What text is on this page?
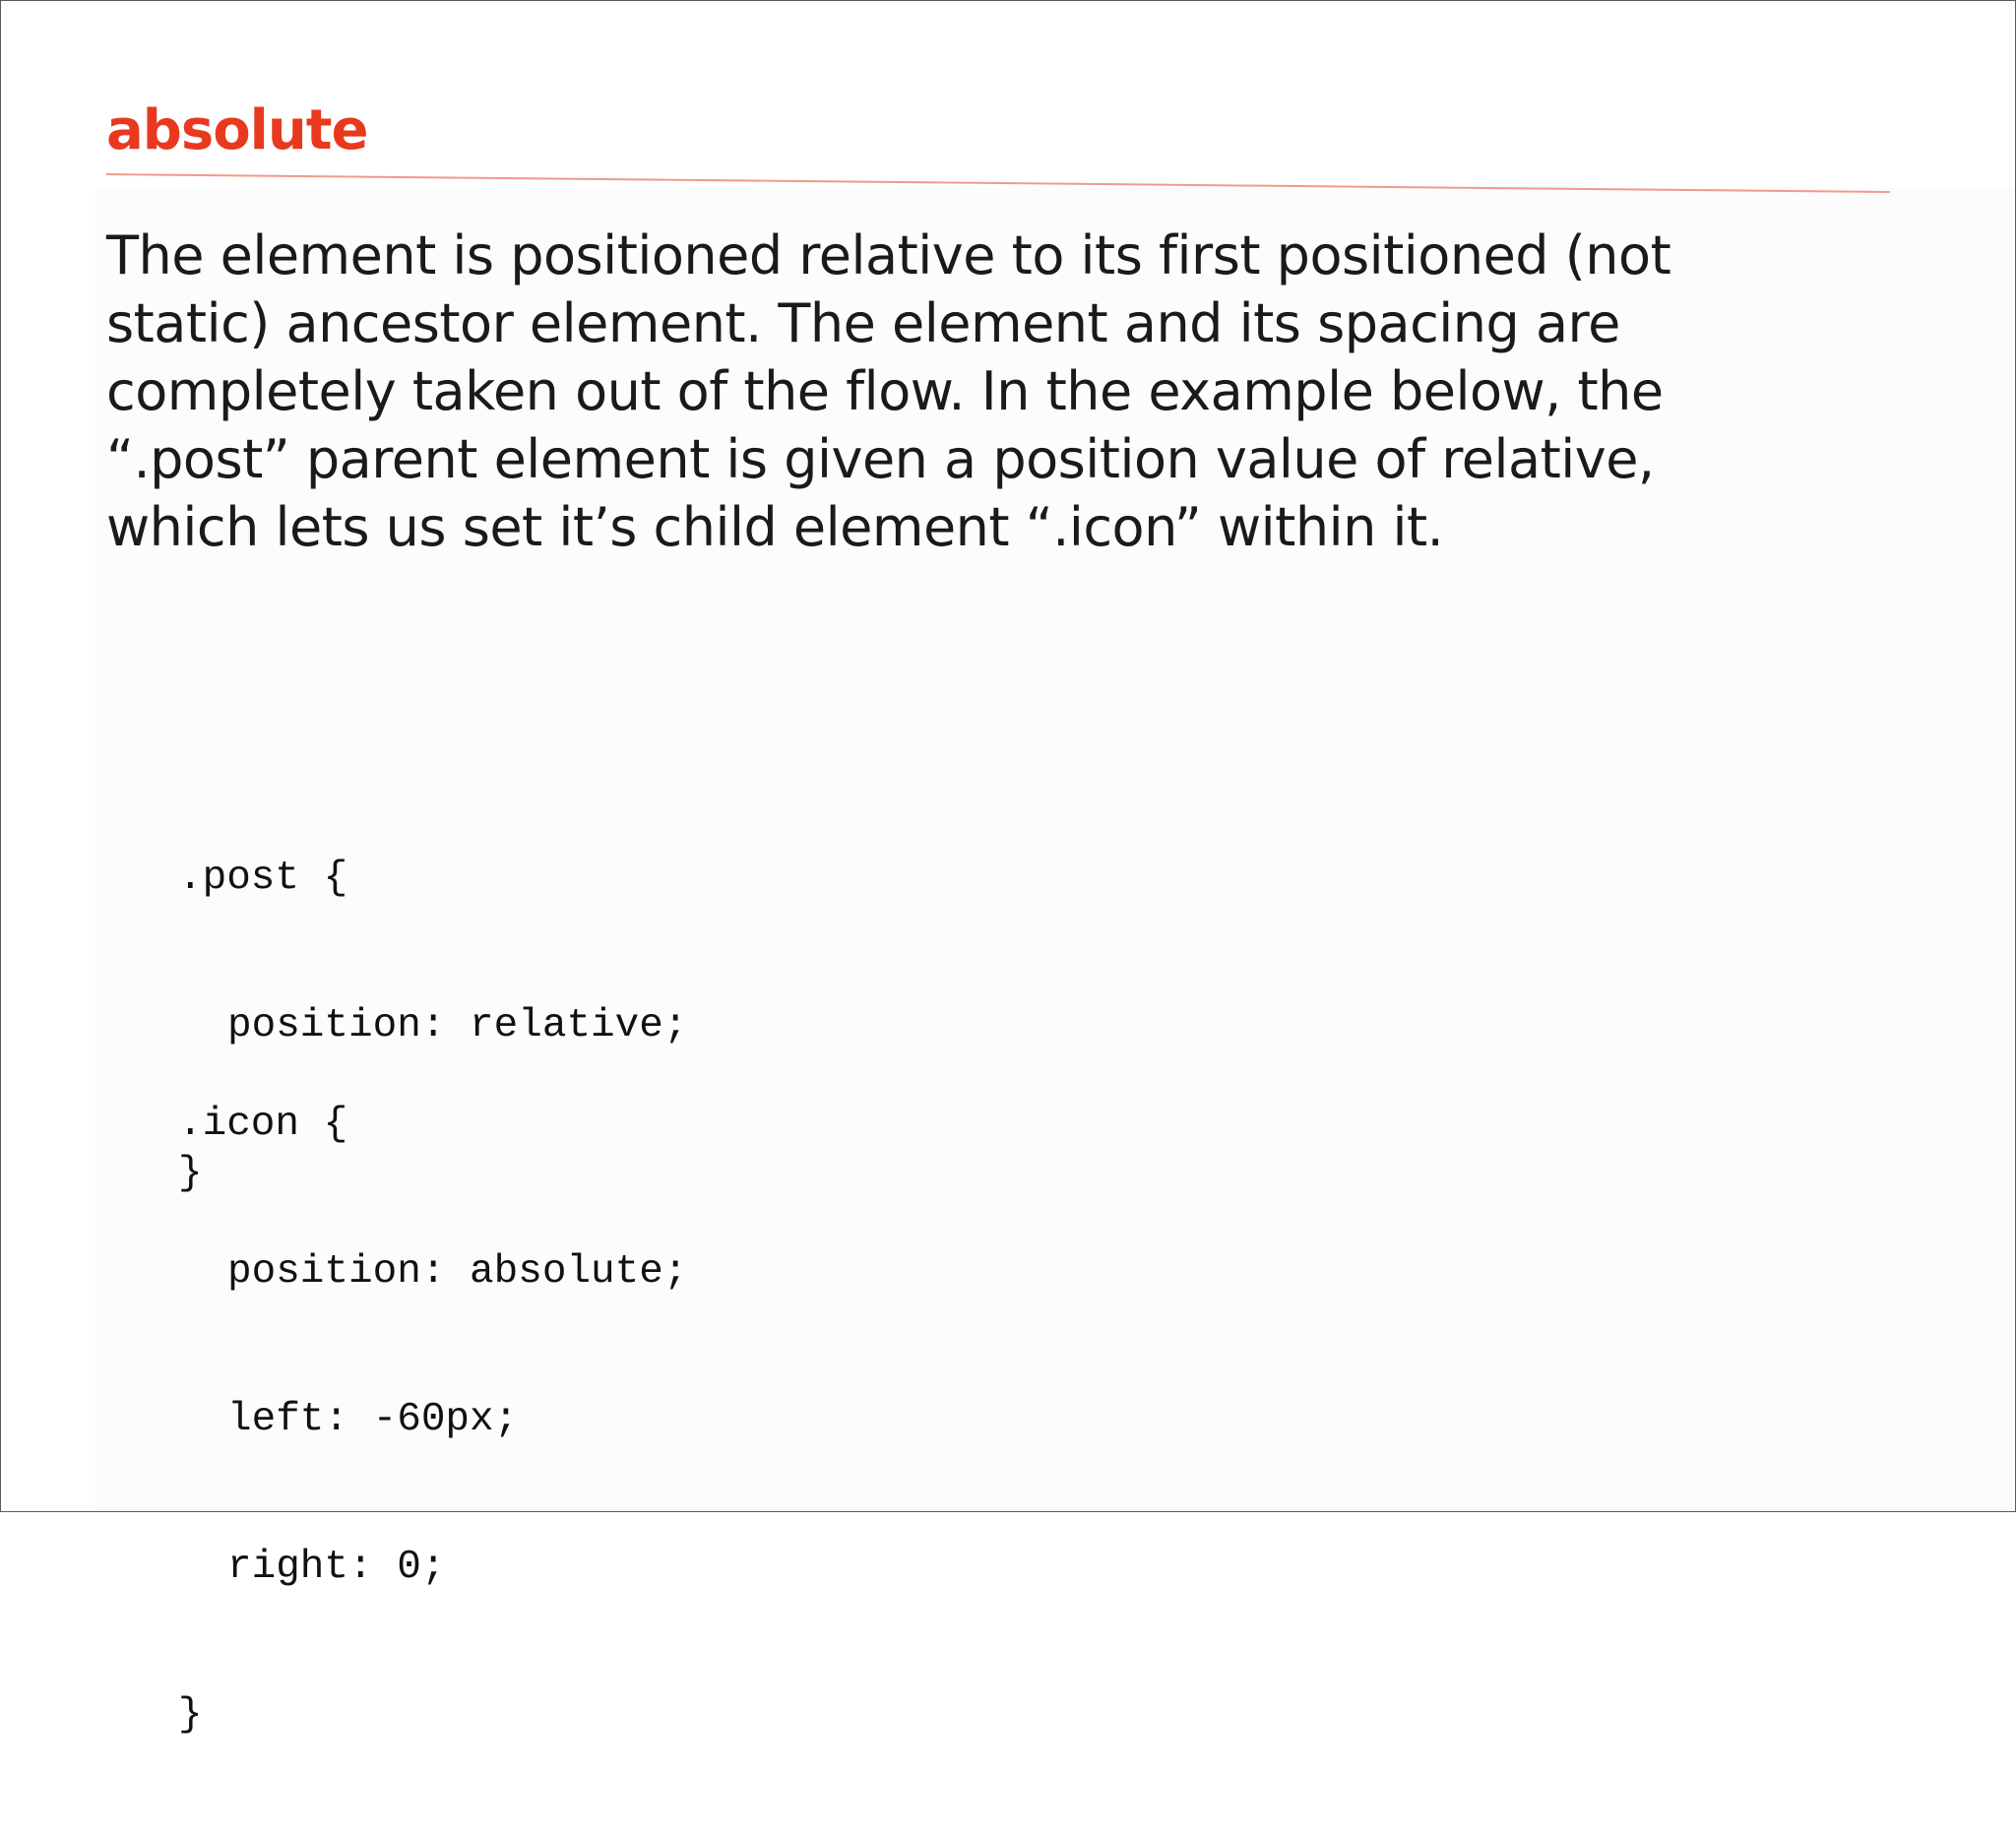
absolute

The element is positioned relative to its first positioned (not static) ancestor element. The element and its spacing are completely taken out of the flow. In the example below, the “.post” parent element is given a position value of relative, which lets us set it’s child element “.icon” within it.

.post {

position: relative;

}

.icon {

position: absolute;

left: -60px;

right: 0;

}
